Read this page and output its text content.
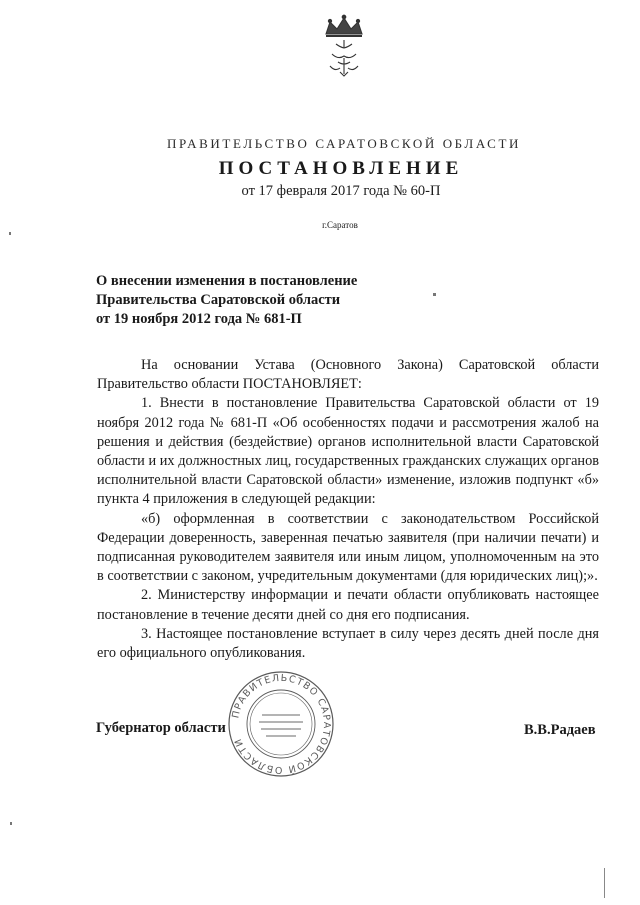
ПРАВИТЕЛЬСТВО САРАТОВСКОЙ ОБЛАСТИ
ПОСТАНОВЛЕНИЕ
от 17 февраля 2017 года № 60-П
г.Саратов
О внесении изменения в постановление
Правительства Саратовской области
от 19 ноября 2012 года № 681-П

На основании Устава (Основного Закона) Саратовской области Правительство области ПОСТАНОВЛЯЕТ:

1. Внести в постановление Правительства Саратовской области от 19 ноября 2012 года № 681-П «Об особенностях подачи и рассмотрения жалоб на решения и действия (бездействие) органов исполнительной власти Саратовской области и их должностных лиц, государственных гражданских служащих органов исполнительной власти Саратовской области» изменение, изложив подпункт «б» пункта 4 приложения в следующей редакции:

«б) оформленная в соответствии с законодательством Российской Федерации доверенность, заверенная печатью заявителя (при наличии печати) и подписанная руководителем заявителя или иным лицом, уполномоченным на это в соответствии с законом, учредительным документами (для юридических лиц);».

2. Министерству информации и печати области опубликовать настоящее постановление в течение десяти дней со дня его подписания.

3. Настоящее постановление вступает в силу через десять дней после дня его официального опубликования.

ПРАВИТЕЛЬСТВО САРАТОВСКОЙ ОБЛАСТИ
Губернатор области	В.В.Радаев
